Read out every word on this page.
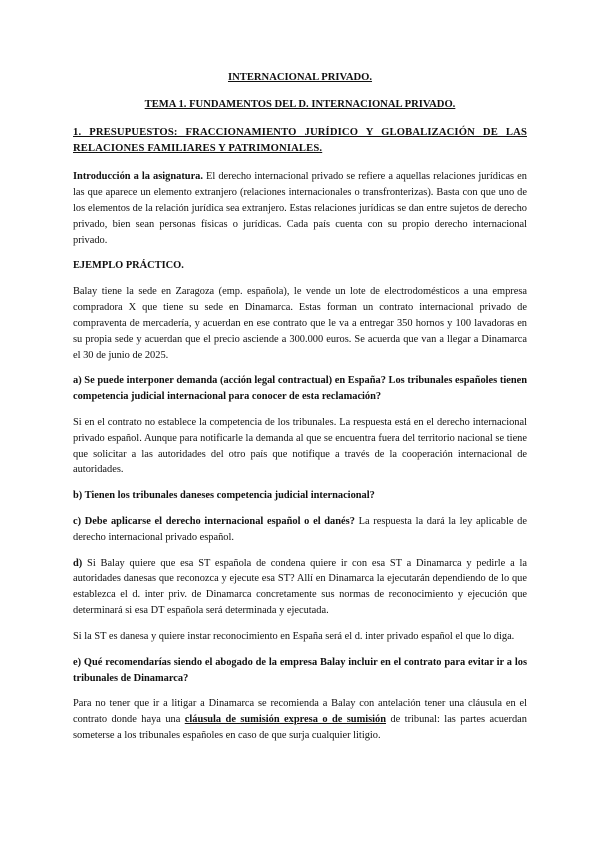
INTERNACIONAL PRIVADO.
TEMA 1. FUNDAMENTOS DEL D. INTERNACIONAL PRIVADO.
1. PRESUPUESTOS: FRACCIONAMIENTO JURÍDICO Y GLOBALIZACIÓN DE LAS RELACIONES FAMILIARES Y PATRIMONIALES.

Introducción a la asignatura. El derecho internacional privado se refiere a aquellas relaciones jurídicas en las que aparece un elemento extranjero (relaciones internacionales o transfronterizas). Basta con que uno de los elementos de la relación jurídica sea extranjero. Estas relaciones jurídicas se dan entre sujetos de derecho privado, bien sean personas físicas o jurídicas. Cada país cuenta con su propio derecho internacional privado.

EJEMPLO PRÁCTICO.

Balay tiene la sede en Zaragoza (emp. española), le vende un lote de electrodomésticos a una empresa compradora X que tiene su sede en Dinamarca. Estas forman un contrato internacional privado de compraventa de mercadería, y acuerdan en ese contrato que le va a entregar 350 hornos y 100 lavadoras en su propia sede y acuerdan que el precio asciende a 300.000 euros. Se acuerda que van a llegar a Dinamarca el 30 de junio de 2025.

a) Se puede interponer demanda (acción legal contractual) en España? Los tribunales españoles tienen competencia judicial internacional para conocer de esta reclamación?

Si en el contrato no establece la competencia de los tribunales. La respuesta está en el derecho internacional privado español. Aunque para notificarle la demanda al que se encuentra fuera del territorio nacional se tiene que solicitar a las autoridades del otro país que notifique a través de la cooperación internacional de autoridades.

b) Tienen los tribunales daneses competencia judicial internacional?

c) Debe aplicarse el derecho internacional español o el danés? La respuesta la dará la ley aplicable de derecho internacional privado español.

d) Si Balay quiere que esa ST española de condena quiere ir con esa ST a Dinamarca y pedirle a la autoridades danesas que reconozca y ejecute esa ST? Allí en Dinamarca la ejecutarán dependiendo de lo que establezca el d. inter priv. de Dinamarca concretamente sus normas de reconocimiento y ejecución que determinará si esa DT española será determinada y ejecutada.

Si la ST es danesa y quiere instar reconocimiento en España será el d. inter privado español el que lo diga.

e) Qué recomendarías siendo el abogado de la empresa Balay incluir en el contrato para evitar ir a los tribunales de Dinamarca?

Para no tener que ir a litigar a Dinamarca se recomienda a Balay con antelación tener una cláusula en el contrato donde haya una cláusula de sumisión expresa o de sumisión de tribunal: las partes acuerdan someterse a los tribunales españoles en caso de que surja cualquier litigio.
